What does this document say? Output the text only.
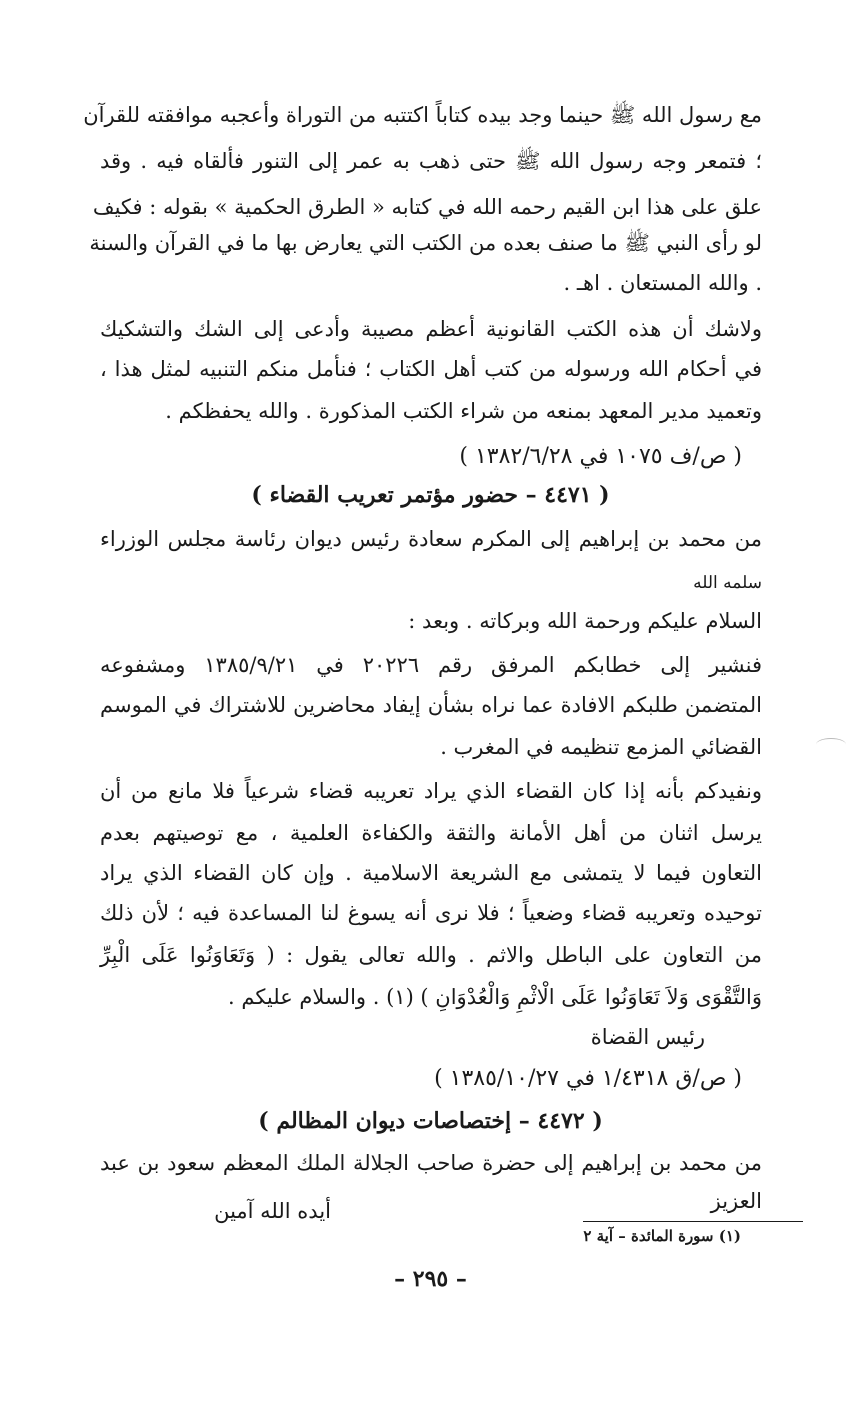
مع رسول الله ﷺ حينما وجد بيده كتاباً اكتتبه من التوراة وأعجبه موافقته للقرآن
؛ فتمعر وجه رسول الله ﷺ حتى ذهب به عمر إلى التنور فألقاه فيه . وقد
علق على هذا ابن القيم رحمه الله في كتابه « الطرق الحكمية » بقوله : فكيف
لو رأى النبي ﷺ ما صنف بعده من الكتب التي يعارض بها ما في القرآن والسنة
. والله المستعان . اهـ .
ولاشك أن هذه الكتب القانونية أعظم مصيبة وأدعى إلى الشك والتشكيك
في أحكام الله ورسوله من كتب أهل الكتاب ؛ فنأمل منكم التنبيه لمثل هذا ،
وتعميد مدير المعهد بمنعه من شراء الكتب المذكورة . والله يحفظكم .
( ص/ف ١٠٧٥ في ١٣٨٢/٦/٢٨ )
( ٤٤٧١ – حضور مؤتمر تعريب القضاء )
من محمد بن إبراهيم إلى المكرم سعادة رئيس ديوان رئاسة مجلس الوزراء
سلمه الله
السلام عليكم ورحمة الله وبركاته . وبعد :
فنشير إلى خطابكم المرفق رقم ٢٠٢٢٦ في ١٣٨٥/٩/٢١ ومشفوعه
المتضمن طلبكم الافادة عما نراه بشأن إيفاد محاضرين للاشتراك في الموسم
القضائي المزمع تنظيمه في المغرب .
ونفيدكم بأنه إذا كان القضاء الذي يراد تعريبه قضاء شرعياً فلا مانع من أن
يرسل اثنان من أهل الأمانة والثقة والكفاءة العلمية ، مع توصيتهم بعدم
التعاون فيما لا يتمشى مع الشريعة الاسلامية . وإن كان القضاء الذي يراد
توحيده وتعريبه قضاء وضعياً ؛ فلا نرى أنه يسوغ لنا المساعدة فيه ؛ لأن ذلك
من التعاون على الباطل والاثم . والله تعالى يقول : ( وَتَعَاوَنُوا عَلَى الْبِرِّ
وَالتَّقْوَى وَلاَ تَعَاوَنُوا عَلَى الْاثْمِ وَالْعُدْوَانِ ) (١) . والسلام عليكم .
رئيس القضاة
( ص/ق ١/٤٣١٨ في ١٣٨٥/١٠/٢٧ )
( ٤٤٧٢ – إختصاصات ديوان المظالم )
من محمد بن إبراهيم إلى حضرة صاحب الجلالة الملك المعظم سعود بن عبد
العزيز
أيده الله آمين
(١) سورة المائدة – آية ٢
– ٢٩٥ –
